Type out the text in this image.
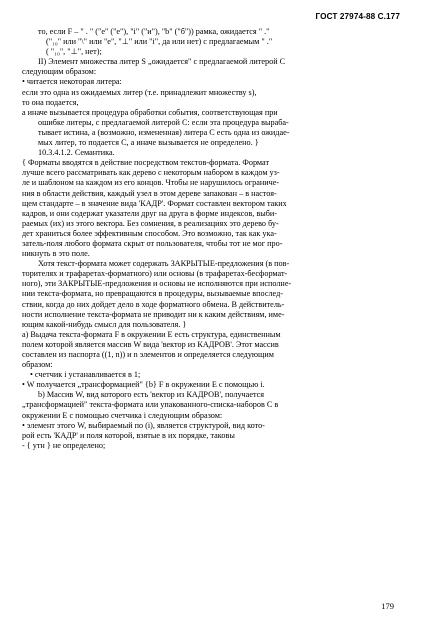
ГОСТ 27974-88 С.177

то, если F – " . " ("е" ("e"), "i" ("и"), "b" ("б")) рамка, ожидается " ."

("₁₀" или "\" или "e", "⊥" или "i", да или нет) с предлагаемым " ."

( "₁₀", "⊥", нет);

II) Элемент множества литер S „ожидается" с предлагаемой литерой С

следующим образом:

• читается некоторая литера:

если это одна из ожидаемых литер (т.е. принадлежит множеству s),

то она подается,

а иначе вызывается процедура обработки события, соответствующая при

ошибке литеры, с предлагаемой литерой С: если эта процедура выраба-

тывает истина, а (возможно, измененная) литера С есть одна из ожидае-

мых литер, то подается С, а иначе вызывается не определено. }

10.3.4.1.2. Семантика.

{ Форматы вводятся в действие посредством текстов-формата. Формат

лучше всего рассматривать как дерево с некоторым набором в каждом уз-

ле и шаблоном на каждом из его концов. Чтобы не нарушилось ограниче-

ния в области действия, каждый узел в этом дереве запакован – в настоя-

щем стандарте – в значение вида 'КАДР'. Формат составлен вектором таких

кадров, и они содержат указатели друг на друга в форме индексов, выби-

раемых (их) из этого вектора. Без сомнения, в реализациях это дерево бу-

дет храниться более эффективным способом. Это возможно, так как ука-

затель-поля любого формата скрыт от пользователя, чтобы тот не мог про-

никнуть в это поле.

Хотя текст-формата может содержать ЗАКРЫТЫЕ-предложения (в пов-

торителях и трафаретах-форматного) или основы (в трафаретах-бесформат-

ного), эти ЗАКРЫТЫЕ-предложения и основы не исполняются при исполне-

нии текста-формата, но превращаются в процедуры, вызываемые впослед-

ствии, когда до них дойдет дело в ходе форматного обмена. В действитель-

ности исполнение текста-формата не приводит ни к каким действиям, име-

ющим какой-нибудь смысл для пользователя. }

а) Выдача текста-формата F в окружении E есть структура, единственным

полем которой является массив W вида 'вектор из КАДРОВ'. Этот массив

составлен из паспорта ((1, n)) и n элементов и определяется следующим

образом:

• счетчик i устанавливается в 1;

• W получается „трансформацией" {b} F в окружении E с помощью i.

b) Массив W, вид которого есть 'вектор из КАДРОВ', получается

„трансформацией" текста-формата или упакованного-списка-наборов С в

окружении E с помощью счетчика i следующим образом:

• элемент этого W, выбираемый по (i), является структурой, вид кото-

рой есть 'КАДР' и поля которой, взятые в их порядке, таковы

- { утн } не определено;

179
